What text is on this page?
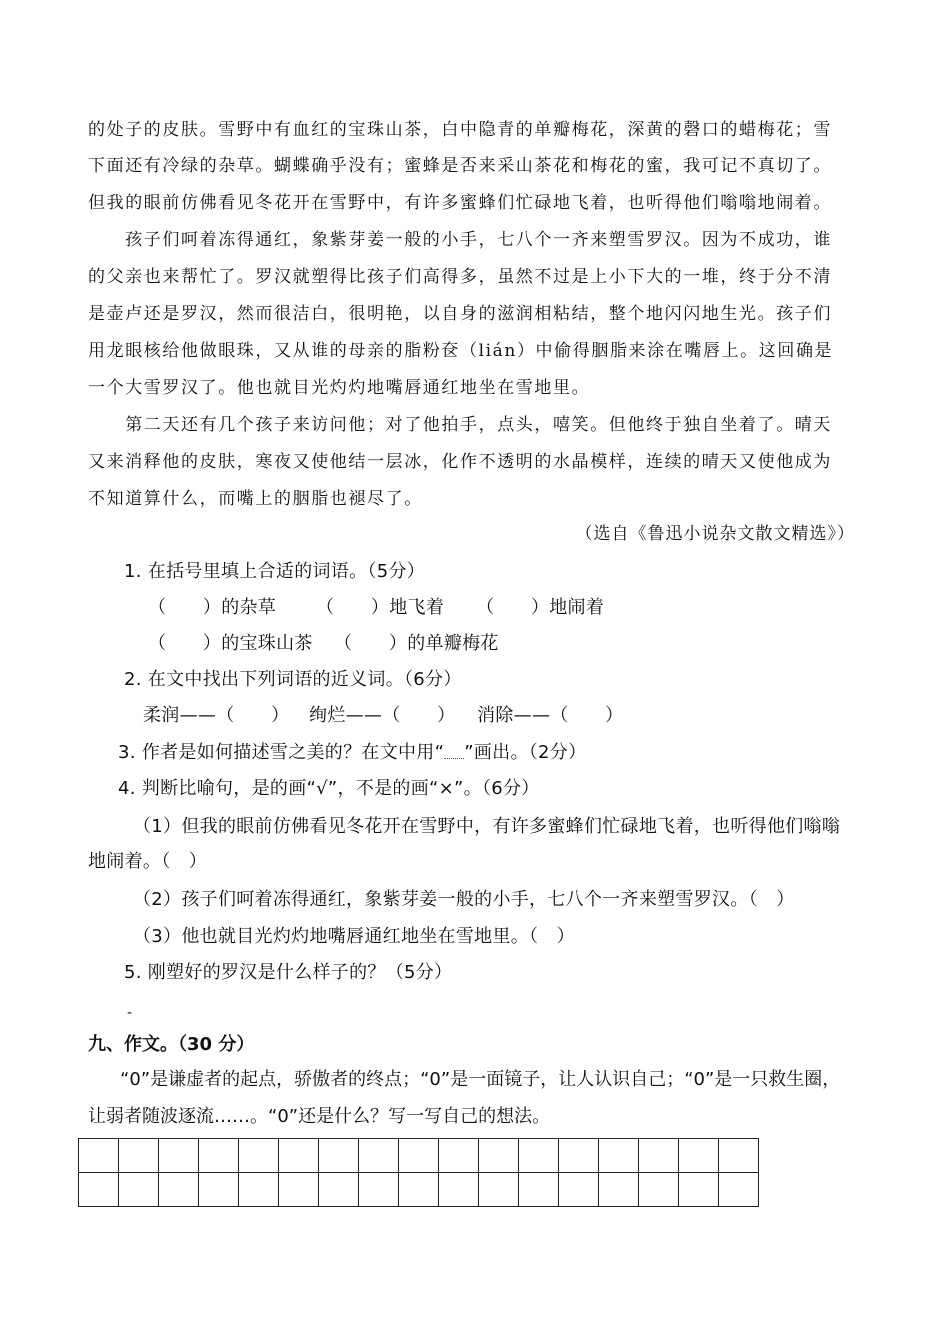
的处子的皮肤。雪野中有血红的宝珠山茶，白中隐青的单瓣梅花，深黄的磬口的蜡梅花；雪
下面还有冷绿的杂草。蝴蝶确乎没有；蜜蜂是否来采山茶花和梅花的蜜，我可记不真切了。
但我的眼前仿佛看见冬花开在雪野中，有许多蜜蜂们忙碌地飞着，也听得他们嗡嗡地闹着。
　　孩子们呵着冻得通红，象紫芽姜一般的小手，七八个一齐来塑雪罗汉。因为不成功，谁
的父亲也来帮忙了。罗汉就塑得比孩子们高得多，虽然不过是上小下大的一堆，终于分不清
是壶卢还是罗汉，然而很洁白，很明艳，以自身的滋润相粘结，整个地闪闪地生光。孩子们
用龙眼核给他做眼珠，又从谁的母亲的脂粉奁（lián）中偷得胭脂来涂在嘴唇上。这回确是
一个大雪罗汉了。他也就目光灼灼地嘴唇通红地坐在雪地里。
　　第二天还有几个孩子来访问他；对了他拍手，点头，嘻笑。但他终于独自坐着了。晴天
又来消释他的皮肤，寒夜又使他结一层冰，化作不透明的水晶模样，连续的晴天又使他成为
不知道算什么，而嘴上的胭脂也褪尽了。
（选自《鲁迅小说杂文散文精选》）
1. 在括号里填上合适的词语。（5分）
（　　）的杂草 （　　）地飞着 （　　）地闹着
（　　）的宝珠山茶 （　　）的单瓣梅花
2. 在文中找出下列词语的近义词。（6分）
柔润——（　　） 绚烂——（　　） 消除——（　　）
3. 作者是如何描述雪之美的？在文中用“ ”画出。（2分）
4. 判断比喻句，是的画“√”，不是的画“×”。（6分）
（1）但我的眼前仿佛看见冬花开在雪野中，有许多蜜蜂们忙碌地飞着，也听得他们嗡嗡
地闹着。（　）
（2）孩子们呵着冻得通红，象紫芽姜一般的小手，七八个一齐来塑雪罗汉。（　）
（3）他也就目光灼灼地嘴唇通红地坐在雪地里。（　）
5. 刚塑好的罗汉是什么样子的？（5分）
-
九、作文。（30 分）
“0”是谦虚者的起点，骄傲者的终点；“0”是一面镜子，让人认识自己；“0”是一只救生圈，
让弱者随波逐流……。“0”还是什么？写一写自己的想法。
